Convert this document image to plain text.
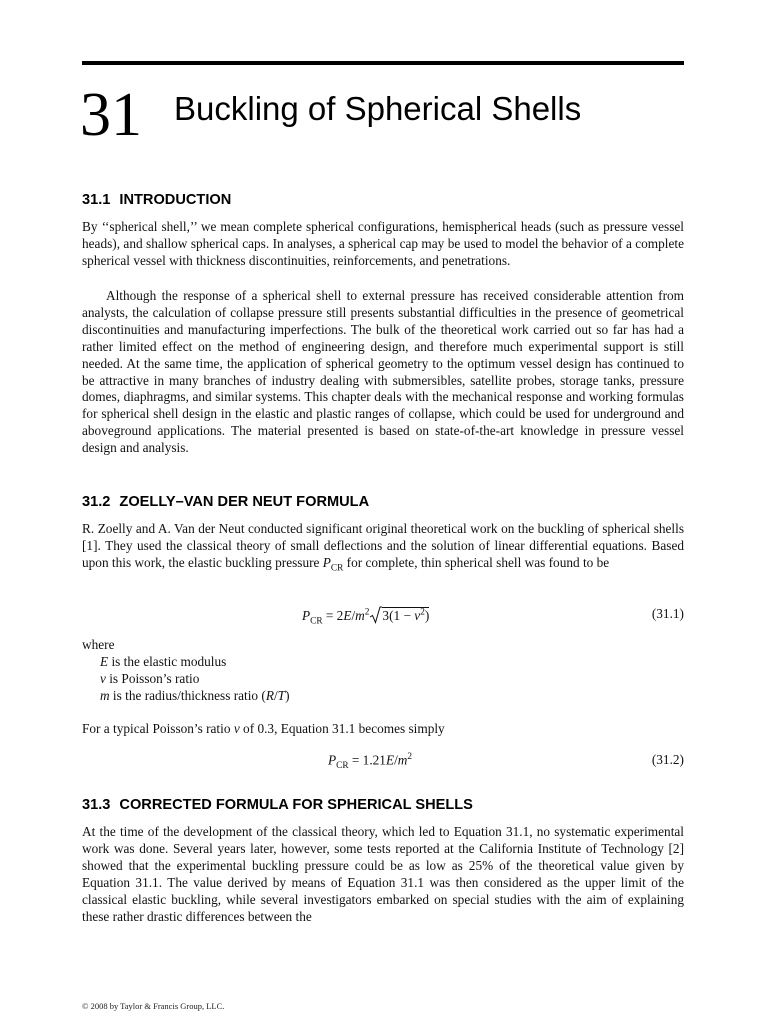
31 Buckling of Spherical Shells
31.1 INTRODUCTION
By ‘‘spherical shell,’’ we mean complete spherical configurations, hemispherical heads (such as pressure vessel heads), and shallow spherical caps. In analyses, a spherical cap may be used to model the behavior of a complete spherical vessel with thickness discontinuities, reinforcements, and penetrations.
Although the response of a spherical shell to external pressure has received considerable attention from analysts, the calculation of collapse pressure still presents substantial difficulties in the presence of geometrical discontinuities and manufacturing imperfections. The bulk of the theoretical work carried out so far has had a rather limited effect on the method of engineering design, and therefore much experimental support is still needed. At the same time, the application of spherical geometry to the optimum vessel design has continued to be attractive in many branches of industry dealing with submersibles, satellite probes, storage tanks, pressure domes, diaphragms, and similar systems. This chapter deals with the mechanical response and working formulas for spherical shell design in the elastic and plastic ranges of collapse, which could be used for underground and aboveground applications. The material presented is based on state-of-the-art knowledge in pressure vessel design and analysis.
31.2 ZOELLY–VAN DER NEUT FORMULA
R. Zoelly and A. Van der Neut conducted significant original theoretical work on the buckling of spherical shells [1]. They used the classical theory of small deflections and the solution of linear differential equations. Based upon this work, the elastic buckling pressure $P_{CR}$ for complete, thin spherical shell was found to be
$P_{CR} = 2E/m^2$ $3(1 - \nu^2)$	(31.1)
where
E is the elastic modulus
ν is Poisson’s ratio
m is the radius/thickness ratio (R/T)
For a typical Poisson’s ratio ν of 0.3, Equation 31.1 becomes simply
$P_{CR} = 1.21E/m^2$	(31.2)
31.3 CORRECTED FORMULA FOR SPHERICAL SHELLS
At the time of the development of the classical theory, which led to Equation 31.1, no systematic experimental work was done. Several years later, however, some tests reported at the California Institute of Technology [2] showed that the experimental buckling pressure could be as low as 25% of the theoretical value given by Equation 31.1. The value derived by means of Equation 31.1 was then considered as the upper limit of the classical elastic buckling, while several investigators embarked on special studies with the aim of explaining these rather drastic differences between the
© 2008 by Taylor & Francis Group, LLC.
